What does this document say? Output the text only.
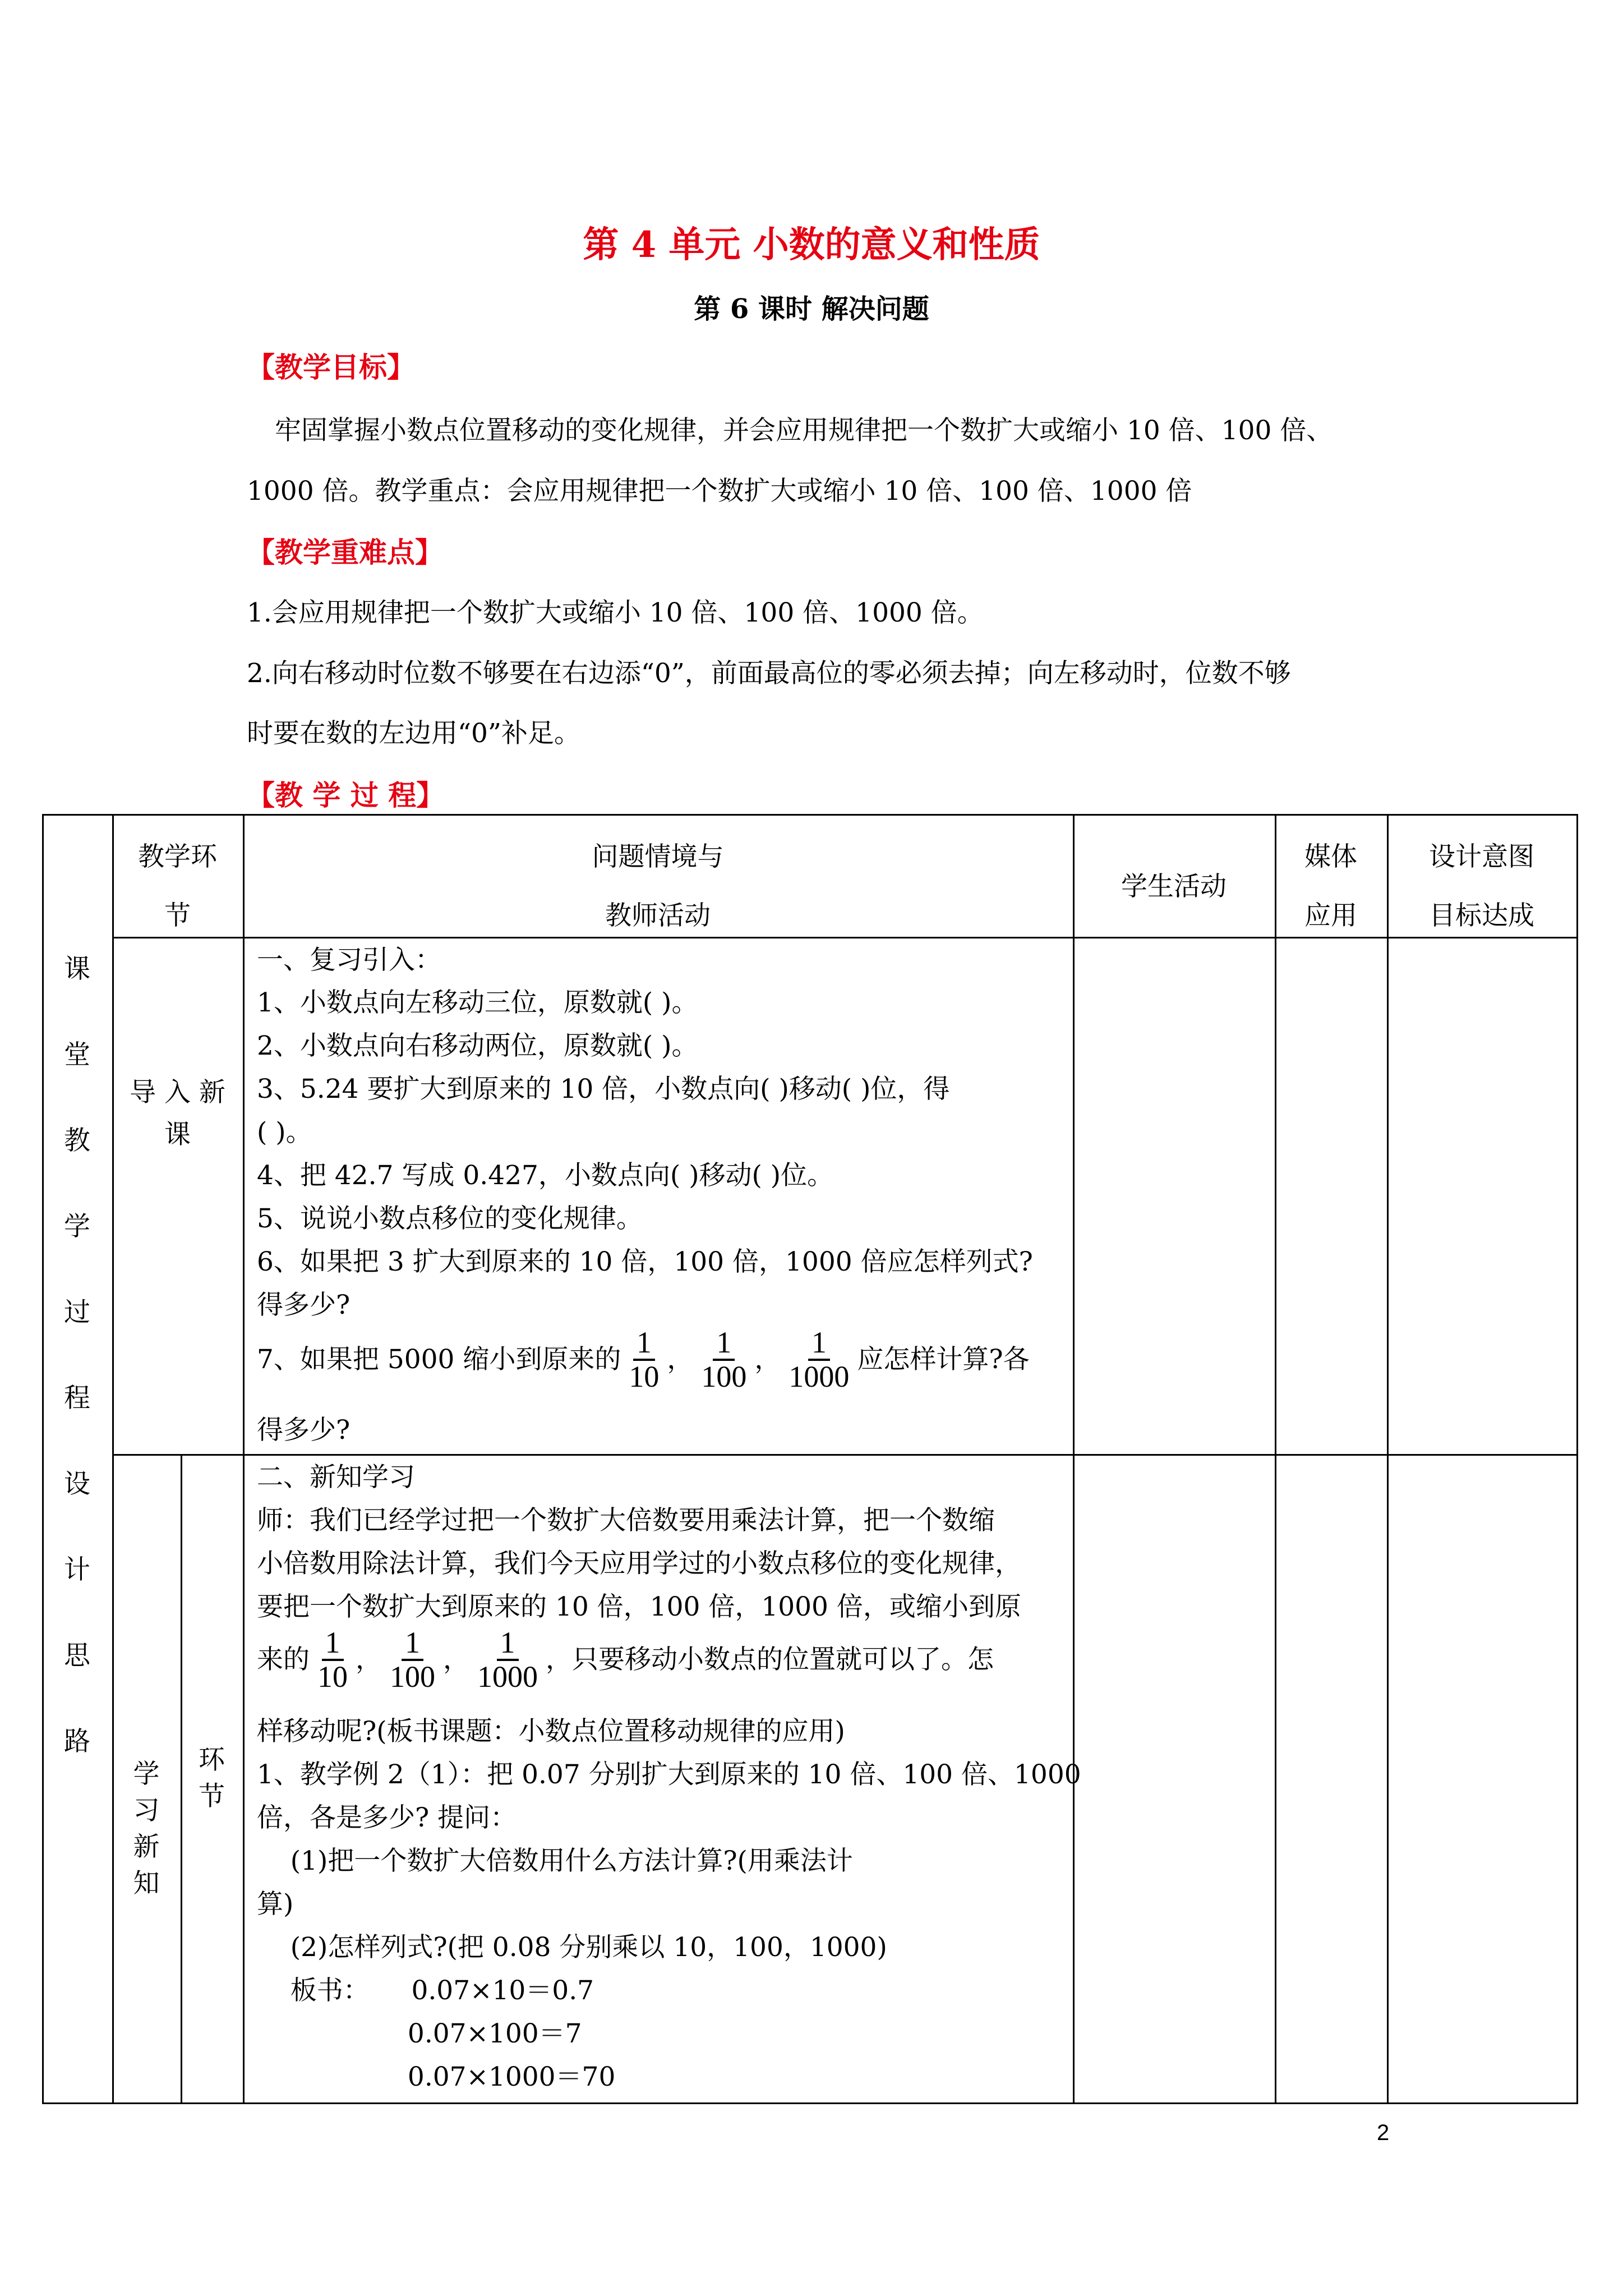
第 4 单元 小数的意义和性质
第 6 课时 解决问题
【教学目标】
牢固掌握小数点位置移动的变化规律，并会应用规律把一个数扩大或缩小 10 倍、100 倍、
1000 倍。教学重点：会应用规律把一个数扩大或缩小 10 倍、100 倍、1000 倍
【教学重难点】
1.会应用规律把一个数扩大或缩小 10 倍、100 倍、1000 倍。
2.向右移动时位数不够要在右边添“0”，前面最高位的零必须去掉；向左移动时，位数不够
时要在数的左边用“0”补足。
【教 学 过 程】
课
堂
教
学
过
程
设
计
思
路
教学环
节
问题情境与
教师活动
学生活动
媒体
应用
设计意图
目标达成
导 入 新
课
一、复习引入：
1、小数点向左移动三位，原数就( )。
2、小数点向右移动两位，原数就( )。
3、5.24 要扩大到原来的 10 倍，小数点向( )移动( )位，得
( )。
4、把 42.7 写成 0.427，小数点向( )移动( )位。
5、说说小数点移位的变化规律。
6、如果把 3 扩大到原来的 10 倍，100 倍，1000 倍应怎样列式?
得多少?
7、如果把 5000 缩小到原来的 $\frac{1}{10}$ ， $\frac{1}{100}$ ， $\frac{1}{1000}$ 应怎样计算?各
得多少?
学
习
新
知
环
节
二、新知学习
师：我们已经学过把一个数扩大倍数要用乘法计算，把一个数缩
小倍数用除法计算，我们今天应用学过的小数点移位的变化规律，
要把一个数扩大到原来的 10 倍，100 倍，1000 倍，或缩小到原
来的 $\frac{1}{10}$ ， $\frac{1}{100}$ ， $\frac{1}{1000}$ ，只要移动小数点的位置就可以了。怎
样移动呢?(板书课题：小数点位置移动规律的应用)
1、教学例 2（1）：把 0.07 分别扩大到原来的 10 倍、100 倍、1000
倍，各是多少? 提问：
(1)把一个数扩大倍数用什么方法计算?(用乘法计
算)
(2)怎样列式?(把 0.08 分别乘以 10，100，1000)
板书：     0.07×10＝0.7
0.07×100＝7
0.07×1000＝70
2
